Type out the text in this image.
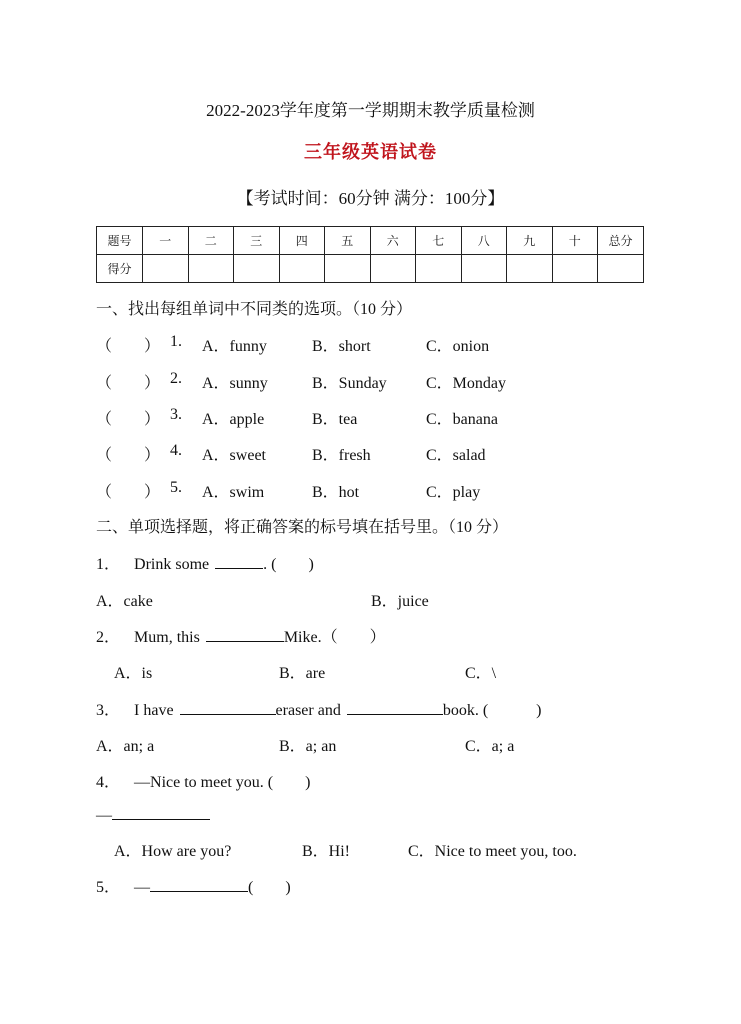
2022-2023学年度第一学期期末教学质量检测
三年级英语试卷
【考试时间：60分钟 满分：100分】
题号	一	二	三	四	五	六	七	八	九	十	总分
得分											
一、找出每组单词中不同类的选项。（10 分）
（　　） 1. A．funny	B．short	C．onion
（　　） 2. A．sunny	B．Sunday C．Monday
（　　） 3. A．apple	B．tea	C．banana
（　　） 4. A．sweet	B．fresh	C．salad
（　　） 5. A．swim	B．hot	C．play
二、单项选择题，将正确答案的标号填在括号里。（10 分）
1． Drink some	. (　　)
A．cake	B．juice
2． Mum, this	Mike.（　　）
A．is	B．are	C．\
3． I have	eraser and	book. (　　　)
A．an; a	B．a; an	C．a; a
4． —Nice to meet you. (　　)
—
A．How are you?	B．Hi!	C．Nice to meet you, too.
5． —	(　　)
